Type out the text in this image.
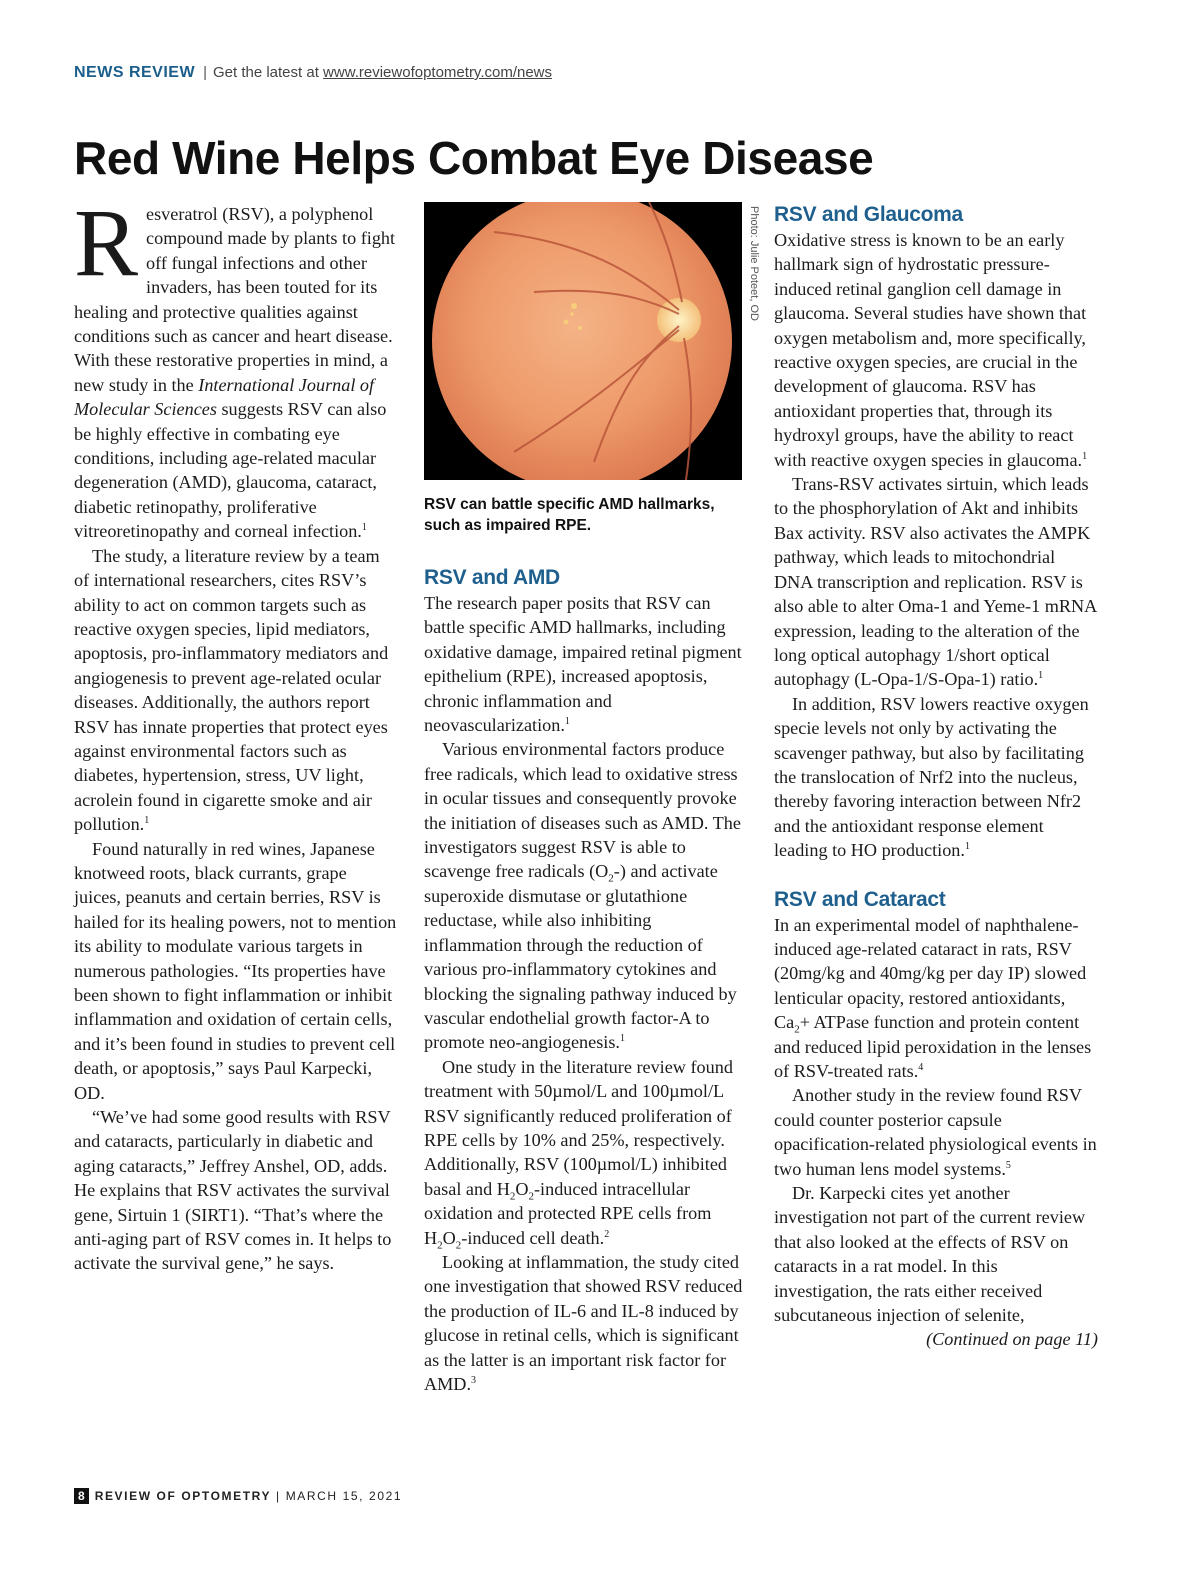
NEWS REVIEW | Get the latest at www.reviewofoptometry.com/news
Red Wine Helps Combat Eye Disease

Resveratrol (RSV), a polyphenol compound made by plants to fight off fungal infections and other invaders, has been touted for its healing and protective qualities against conditions such as cancer and heart disease. With these restorative properties in mind, a new study in the International Journal of Molecular Sciences suggests RSV can also be highly effective in combating eye conditions, including age-related macular degeneration (AMD), glaucoma, cataract, diabetic retinopathy, proliferative vitreoretinopathy and corneal infection.$^1$

The study, a literature review by a team of international researchers, cites RSV’s ability to act on common targets such as reactive oxygen species, lipid mediators, apoptosis, pro-inflammatory mediators and angiogenesis to prevent age-related ocular diseases. Additionally, the authors report RSV has innate properties that protect eyes against environmental factors such as diabetes, hypertension, stress, UV light, acrolein found in cigarette smoke and air pollution.$^1$

Found naturally in red wines, Japanese knotweed roots, black currants, grape juices, peanuts and certain berries, RSV is hailed for its healing powers, not to mention its ability to modulate various targets in numerous pathologies. “Its properties have been shown to fight inflammation or inhibit inflammation and oxidation of certain cells, and it’s been found in studies to prevent cell death, or apoptosis,” says Paul Karpecki, OD.

“We’ve had some good results with RSV and cataracts, particularly in diabetic and aging cataracts,” Jeffrey Anshel, OD, adds. He explains that RSV activates the survival gene, Sirtuin 1 (SIRT1). “That’s where the anti-aging part of RSV comes in. It helps to activate the survival gene,” he says.

Photo: Julie Poteet, OD
RSV can battle specific AMD hallmarks, such as impaired RPE.
RSV and AMD

The research paper posits that RSV can battle specific AMD hallmarks, including oxidative damage, impaired retinal pigment epithelium (RPE), increased apoptosis, chronic inflammation and neovascularization.$^1$

Various environmental factors produce free radicals, which lead to oxidative stress in ocular tissues and consequently provoke the initiation of diseases such as AMD. The investigators suggest RSV is able to scavenge free radicals $(O_2-)$ and activate superoxide dismutase or glutathione reductase, while also inhibiting inflammation through the reduction of various pro-inflammatory cytokines and blocking the signaling pathway induced by vascular endothelial growth factor-A to promote neo-angiogenesis.$^1$

One study in the literature review found treatment with 50µmol/L and 100µmol/L RSV significantly reduced proliferation of RPE cells by 10% and 25%, respectively. Additionally, RSV (100µmol/L) inhibited basal and $H_2O_2$-induced intracellular oxidation and protected RPE cells from $H_2O_2$-induced cell death.$^2$

Looking at inflammation, the study cited one investigation that showed RSV reduced the production of IL-6 and IL-8 induced by glucose in retinal cells, which is significant as the latter is an important risk factor for AMD.$^3$

RSV and Glaucoma

Oxidative stress is known to be an early hallmark sign of hydrostatic pressure-induced retinal ganglion cell damage in glaucoma. Several studies have shown that oxygen metabolism and, more specifically, reactive oxygen species, are crucial in the development of glaucoma. RSV has antioxidant properties that, through its hydroxyl groups, have the ability to react with reactive oxygen species in glaucoma.$^1$

Trans-RSV activates sirtuin, which leads to the phosphorylation of Akt and inhibits Bax activity. RSV also activates the AMPK pathway, which leads to mitochondrial DNA transcription and replication. RSV is also able to alter Oma-1 and Yeme-1 mRNA expression, leading to the alteration of the long optical autophagy 1/short optical autophagy (L-Opa-1/S-Opa-1) ratio.$^1$

In addition, RSV lowers reactive oxygen specie levels not only by activating the scavenger pathway, but also by facilitating the translocation of Nrf2 into the nucleus, thereby favoring interaction between Nfr2 and the antioxidant response element leading to HO production.$^1$

RSV and Cataract

In an experimental model of naphthalene-induced age-related cataract in rats, RSV (20mg/kg and 40mg/kg per day IP) slowed lenticular opacity, restored antioxidants, $Ca_2+$ ATPase function and protein content and reduced lipid peroxidation in the lenses of RSV-treated rats.$^4$

Another study in the review found RSV could counter posterior capsule opacification-related physiological events in two human lens model systems.$^5$

Dr. Karpecki cites yet another investigation not part of the current review that also looked at the effects of RSV on cataracts in a rat model. In this investigation, the rats either received subcutaneous injection of selenite,

(Continued on page 11)

8 REVIEW OF OPTOMETRY | MARCH 15, 2021
